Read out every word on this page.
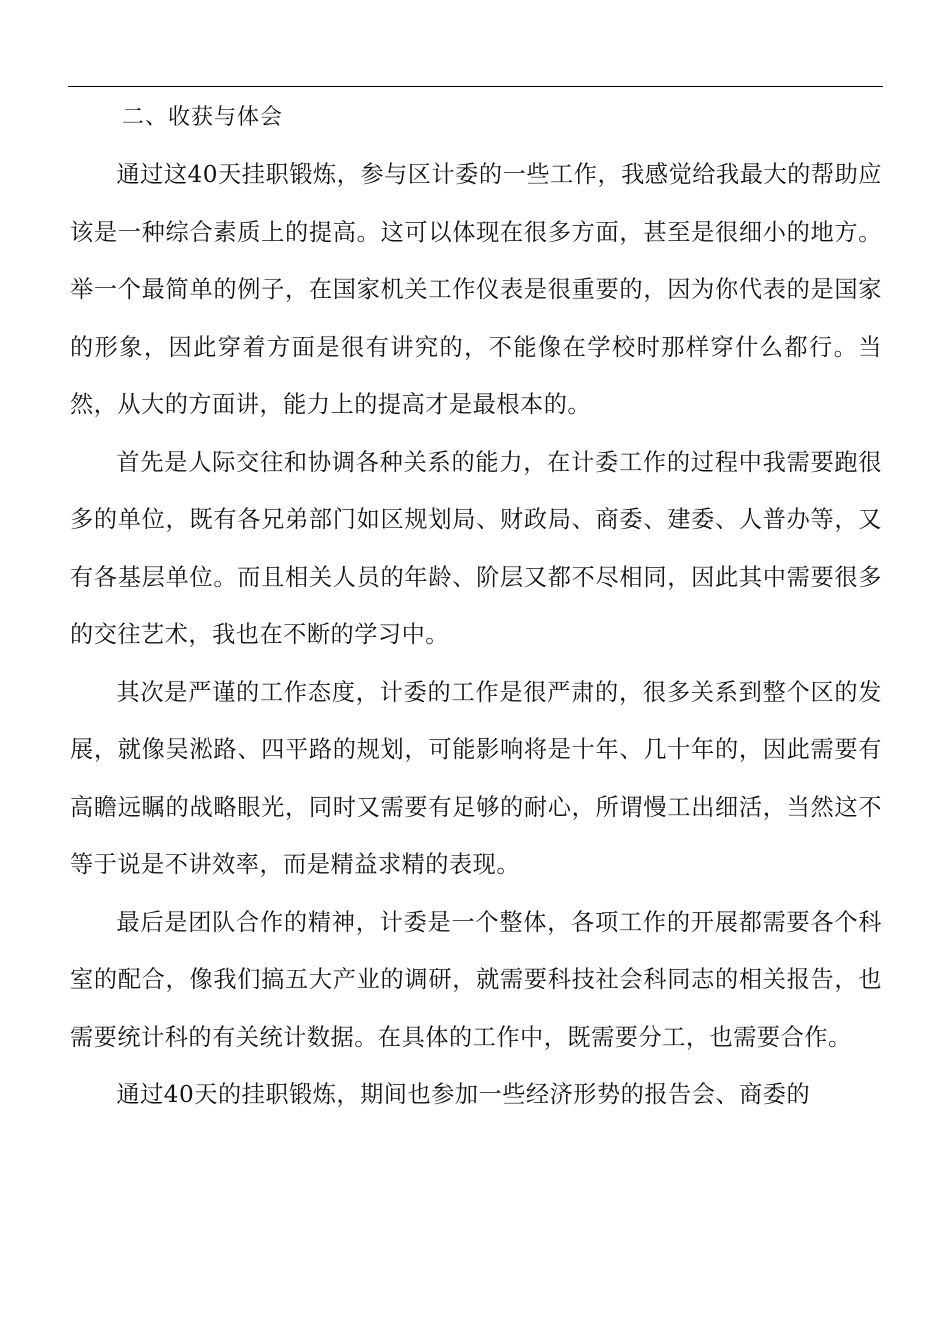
二、收获与体会

通过这40天挂职锻炼，参与区计委的一些工作，我感觉给我最大的帮助应该是一种综合素质上的提高。这可以体现在很多方面，甚至是很细小的地方。举一个最简单的例子，在国家机关工作仪表是很重要的，因为你代表的是国家的形象，因此穿着方面是很有讲究的，不能像在学校时那样穿什么都行。当然，从大的方面讲，能力上的提高才是最根本的。

首先是人际交往和协调各种关系的能力，在计委工作的过程中我需要跑很多的单位，既有各兄弟部门如区规划局、财政局、商委、建委、人普办等，又有各基层单位。而且相关人员的年龄、阶层又都不尽相同，因此其中需要很多的交往艺术，我也在不断的学习中。

其次是严谨的工作态度，计委的工作是很严肃的，很多关系到整个区的发展，就像吴淞路、四平路的规划，可能影响将是十年、几十年的，因此需要有高瞻远瞩的战略眼光，同时又需要有足够的耐心，所谓慢工出细活，当然这不等于说是不讲效率，而是精益求精的表现。

最后是团队合作的精神，计委是一个整体，各项工作的开展都需要各个科室的配合，像我们搞五大产业的调研，就需要科技社会科同志的相关报告，也需要统计科的有关统计数据。在具体的工作中，既需要分工，也需要合作。

通过40天的挂职锻炼，期间也参加一些经济形势的报告会、商委的
